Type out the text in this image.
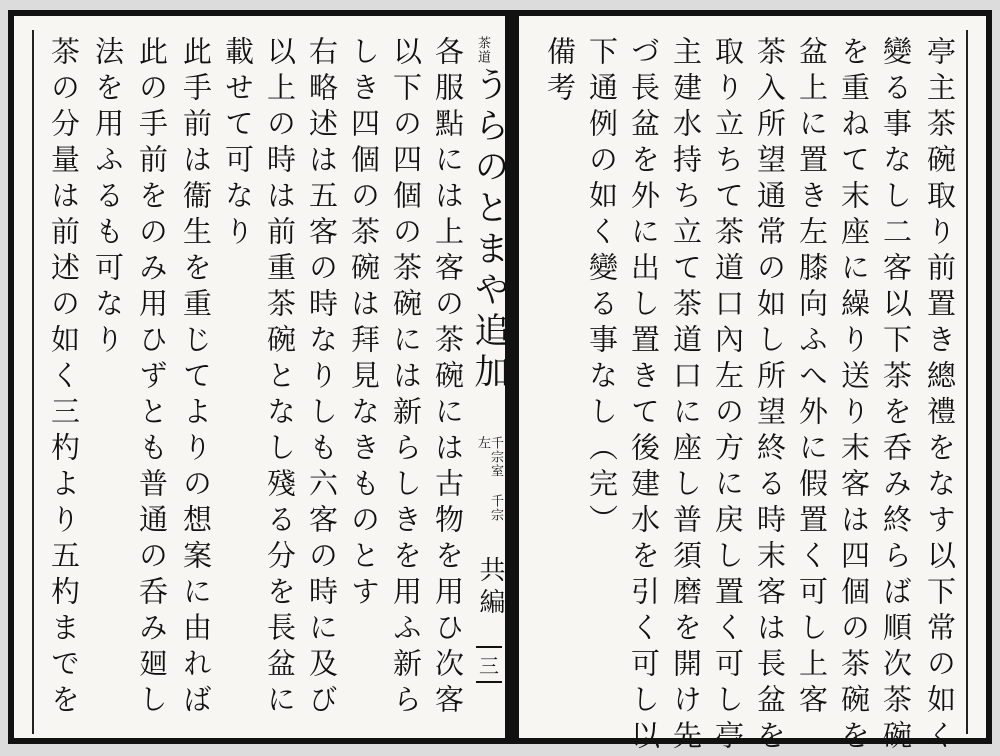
各服點には上客の茶碗には古物を用ひ次客
以下の四個の茶碗には新らしきを用ふ新ら
しき四個の茶碗は拜見なきものとす
右略述は五客の時なりしも六客の時に及び
以上の時は前重茶碗となし殘る分を長盆に
載せて可なり
此手前は衞生を重じてよりの想案に由れば
此の手前をのみ用ひずとも普通の呑み廻し
法を用ふるも可なり
茶の分量は前述の如く三杓より五杓までを	茶道
うらのとまや追加
千宗室 千宗左
共編
三	亭主茶碗取り前置き總禮をなす以下常の如く
變る事なし二客以下茶を呑み終らば順次茶碗
を重ねて末座に繰り送り末客は四個の茶碗を
盆上に置き左膝向ふへ外に假置く可し上客
茶入所望通常の如し所望終る時末客は長盆を
取り立ちて茶道口內左の方に戻し置く可し亭
主建水持ち立て茶道口に座し普須磨を開け先
づ長盆を外に出し置きて後建水を引く可し以
下通例の如く變る事なし（完）
備考
